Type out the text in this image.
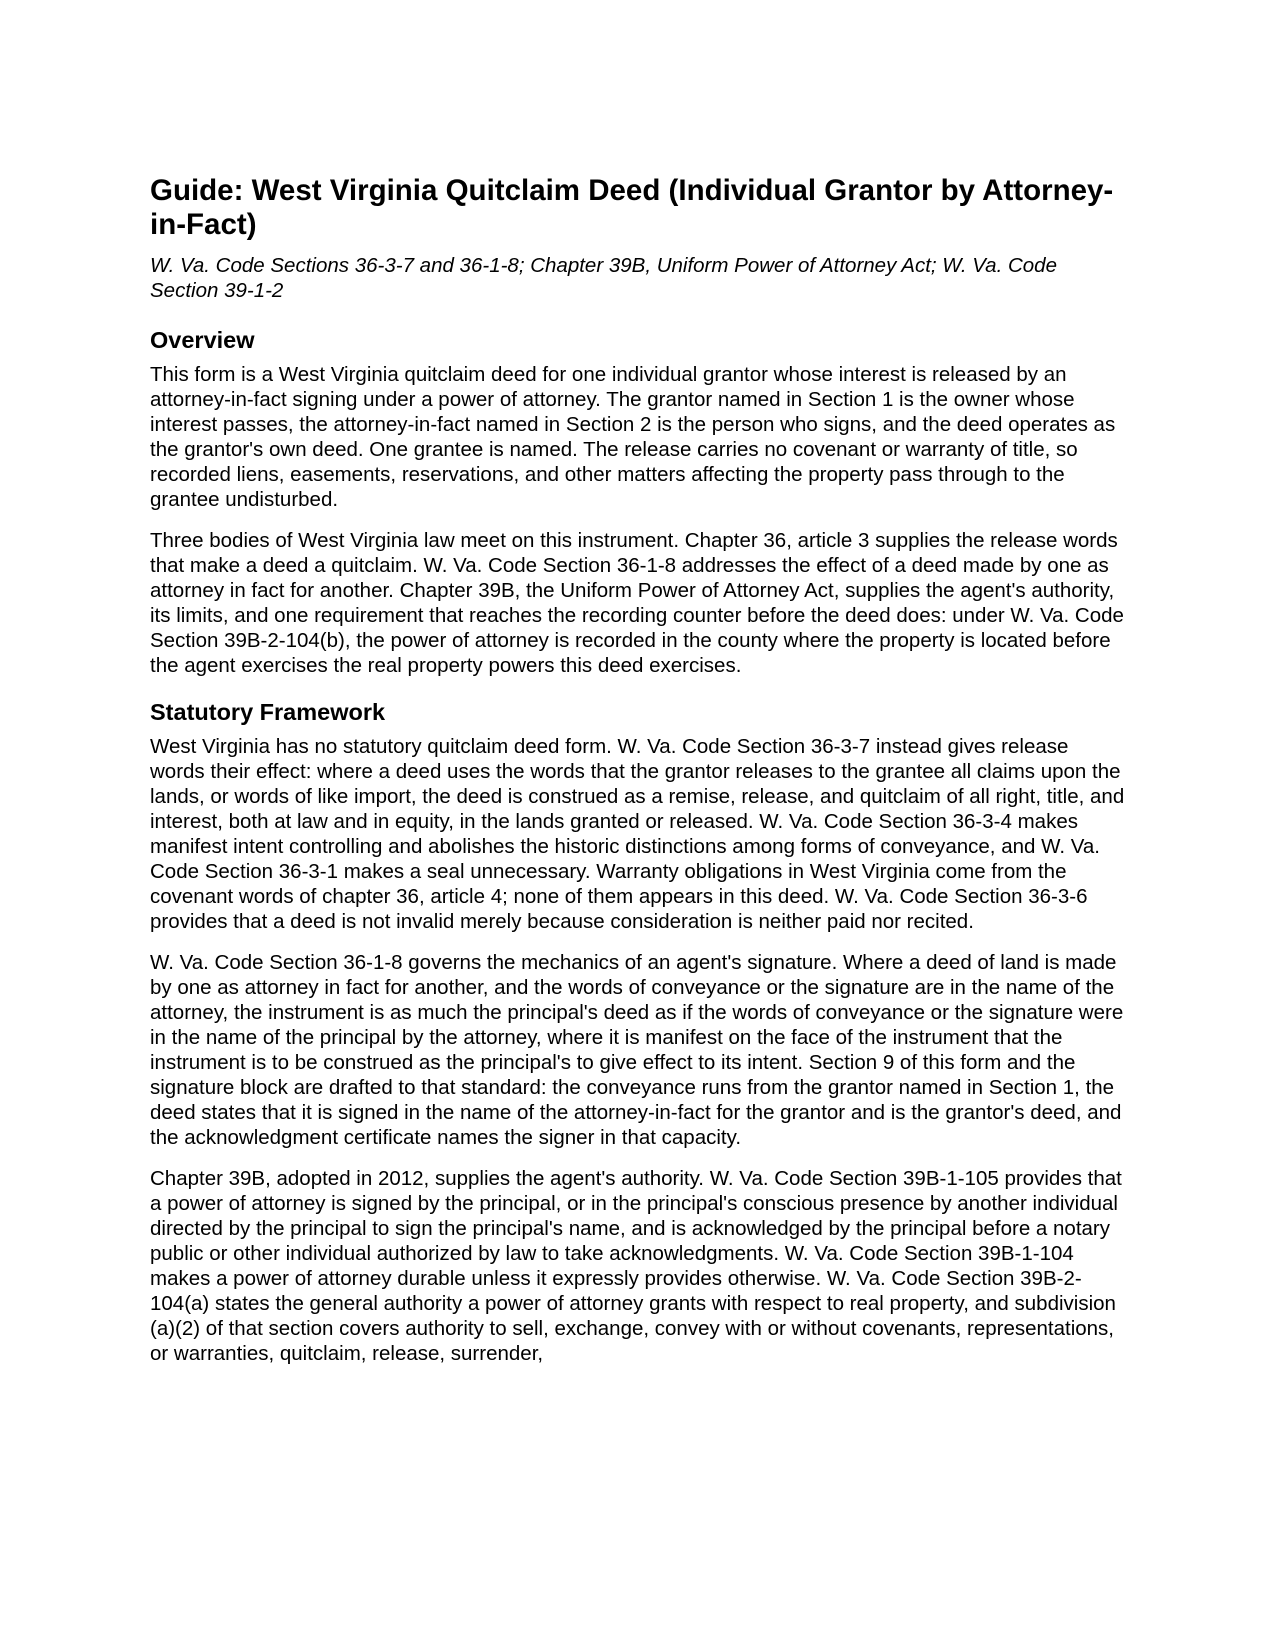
Guide: West Virginia Quitclaim Deed (Individual Grantor by Attorney-in-Fact)

W. Va. Code Sections 36-3-7 and 36-1-8; Chapter 39B, Uniform Power of Attorney Act; W. Va. Code Section 39-1-2

Overview

This form is a West Virginia quitclaim deed for one individual grantor whose interest is released by an attorney-in-fact signing under a power of attorney. The grantor named in Section 1 is the owner whose interest passes, the attorney-in-fact named in Section 2 is the person who signs, and the deed operates as the grantor's own deed. One grantee is named. The release carries no covenant or warranty of title, so recorded liens, easements, reservations, and other matters affecting the property pass through to the grantee undisturbed.

Three bodies of West Virginia law meet on this instrument. Chapter 36, article 3 supplies the release words that make a deed a quitclaim. W. Va. Code Section 36-1-8 addresses the effect of a deed made by one as attorney in fact for another. Chapter 39B, the Uniform Power of Attorney Act, supplies the agent's authority, its limits, and one requirement that reaches the recording counter before the deed does: under W. Va. Code Section 39B-2-104(b), the power of attorney is recorded in the county where the property is located before the agent exercises the real property powers this deed exercises.

Statutory Framework

West Virginia has no statutory quitclaim deed form. W. Va. Code Section 36-3-7 instead gives release words their effect: where a deed uses the words that the grantor releases to the grantee all claims upon the lands, or words of like import, the deed is construed as a remise, release, and quitclaim of all right, title, and interest, both at law and in equity, in the lands granted or released. W. Va. Code Section 36-3-4 makes manifest intent controlling and abolishes the historic distinctions among forms of conveyance, and W. Va. Code Section 36-3-1 makes a seal unnecessary. Warranty obligations in West Virginia come from the covenant words of chapter 36, article 4; none of them appears in this deed. W. Va. Code Section 36-3-6 provides that a deed is not invalid merely because consideration is neither paid nor recited.

W. Va. Code Section 36-1-8 governs the mechanics of an agent's signature. Where a deed of land is made by one as attorney in fact for another, and the words of conveyance or the signature are in the name of the attorney, the instrument is as much the principal's deed as if the words of conveyance or the signature were in the name of the principal by the attorney, where it is manifest on the face of the instrument that the instrument is to be construed as the principal's to give effect to its intent. Section 9 of this form and the signature block are drafted to that standard: the conveyance runs from the grantor named in Section 1, the deed states that it is signed in the name of the attorney-in-fact for the grantor and is the grantor's deed, and the acknowledgment certificate names the signer in that capacity.

Chapter 39B, adopted in 2012, supplies the agent's authority. W. Va. Code Section 39B-1-105 provides that a power of attorney is signed by the principal, or in the principal's conscious presence by another individual directed by the principal to sign the principal's name, and is acknowledged by the principal before a notary public or other individual authorized by law to take acknowledgments. W. Va. Code Section 39B-1-104 makes a power of attorney durable unless it expressly provides otherwise. W. Va. Code Section 39B-2-104(a) states the general authority a power of attorney grants with respect to real property, and subdivision (a)(2) of that section covers authority to sell, exchange, convey with or without covenants, representations, or warranties, quitclaim, release, surrender,
